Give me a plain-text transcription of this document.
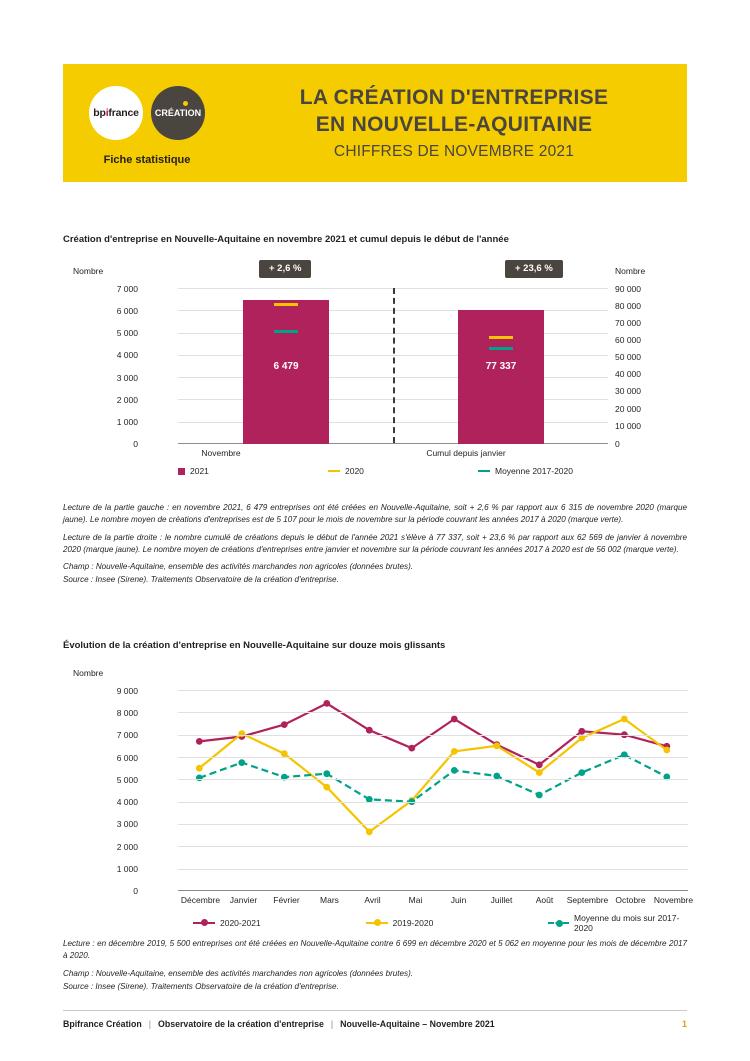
bp i france CRÉATION
Fiche statistique
LA CRÉATION D'ENTREPRISE
EN NOUVELLE-AQUITAINE
CHIFFRES DE NOVEMBRE 2021
Création d'entreprise en Nouvelle-Aquitaine en novembre 2021 et cumul depuis le début de l'année
Nombre	Nombre
7 000
6 000
5 000
4 000
3 000
2 000
1 000
0
90 000
80 000
70 000
60 000
50 000
40 000
30 000
20 000
10 000
0
+ 2,6 %	+ 23,6 %
6 479	77 337
Novembre	Cumul depuis janvier
2021	2020	Moyenne 2017-2020

Lecture de la partie gauche : en novembre 2021, 6 479 entreprises ont été créées en Nouvelle-Aquitaine, soit + 2,6 % par rapport aux 6 315 de novembre 2020 (marque jaune). Le nombre moyen de créations d'entreprises est de 5 107 pour le mois de novembre sur la période couvrant les années 2017 à 2020 (marque verte).

Lecture de la partie droite : le nombre cumulé de créations depuis le début de l'année 2021 s'élève à 77 337, soit + 23,6 % par rapport aux 62 569 de janvier à novembre 2020 (marque jaune). Le nombre moyen de créations d'entreprises entre janvier et novembre sur la période couvrant les années 2017 à 2020 est de 56 002 (marque verte).

Champ : Nouvelle-Aquitaine, ensemble des activités marchandes non agricoles (données brutes).

Source : Insee (Sirene). Traitements Observatoire de la création d'entreprise.

Évolution de la création d'entreprise en Nouvelle-Aquitaine sur douze mois glissants
Nombre
9 000
8 000
7 000
6 000
5 000
4 000
3 000
2 000
1 000
0
Décembre	Janvier	Février	Mars	Avril	Mai	Juin	Juillet	Août	Septembre Octobre Novembre
2020-2021	2019-2020	Moyenne du mois sur 2017-2020

Lecture : en décembre 2019, 5 500 entreprises ont été créées en Nouvelle-Aquitaine contre 6 699 en décembre 2020 et 5 062 en moyenne pour les mois de décembre 2017 à 2020.

Champ : Nouvelle-Aquitaine, ensemble des activités marchandes non agricoles (données brutes).

Source : Insee (Sirene). Traitements Observatoire de la création d'entreprise.

Bpifrance Création | Observatoire de la création d'entreprise | Nouvelle-Aquitaine – Novembre 2021	1
